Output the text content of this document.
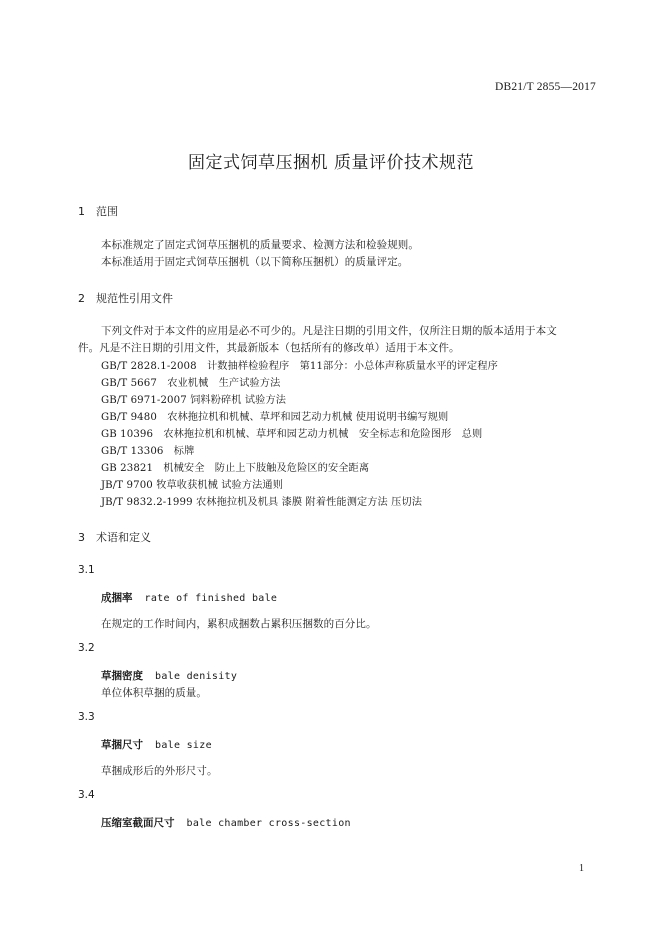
DB21/T 2855—2017
固定式饲草压捆机 质量评价技术规范
1 范围
本标准规定了固定式饲草压捆机的质量要求、检测方法和检验规则。
本标准适用于固定式饲草压捆机（以下简称压捆机）的质量评定。
2 规范性引用文件
下列文件对于本文件的应用是必不可少的。凡是注日期的引用文件，仅所注日期的版本适用于本文
件。凡是不注日期的引用文件，其最新版本（包括所有的修改单）适用于本文件。
GB/T 2828.1-2008　计数抽样检验程序　第11部分：小总体声称质量水平的评定程序
GB/T 5667　农业机械　生产试验方法
GB/T 6971-2007 饲料粉碎机 试验方法
GB/T 9480　农林拖拉机和机械、草坪和园艺动力机械 使用说明书编写规则
GB 10396　农林拖拉机和机械、草坪和园艺动力机械　安全标志和危险图形　总则
GB/T 13306　标牌
GB 23821　机械安全　防止上下肢触及危险区的安全距离
JB/T 9700 牧草收获机械 试验方法通则
JB/T 9832.2-1999 农林拖拉机及机具 漆膜 附着性能测定方法 压切法
3 术语和定义
3.1
成捆率 rate of finished bale
在规定的工作时间内，累积成捆数占累积压捆数的百分比。
3.2
草捆密度 bale denisity
单位体积草捆的质量。
3.3
草捆尺寸 bale size
草捆成形后的外形尺寸。
3.4
压缩室截面尺寸 bale chamber cross-section
1
